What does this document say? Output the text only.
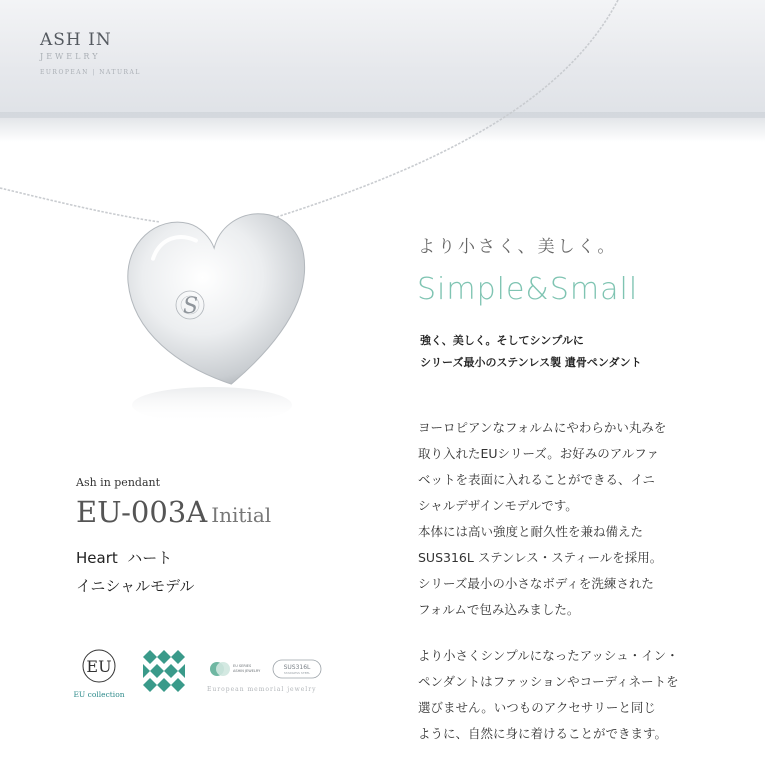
ASH IN
JEWELRY
EUROPEAN | NATURAL
S
より小さく、美しく。
Simple&Small

強く、美しく。そしてシンプルに

シリーズ最小のステンレス製 遺骨ペンダント

ヨーロピアンなフォルムにやわらかい丸みを

取り入れたEUシリーズ。お好みのアルファ

ベットを表面に入れることができる、イニ

シャルデザインモデルです。

本体には高い強度と耐久性を兼ね備えた

SUS316L ステンレス・スティールを採用。

シリーズ最小の小さなボディを洗練された

フォルムで包み込みました。

より小さくシンプルになったアッシュ・イン・

ペンダントはファッションやコーディネートを

選びません。いつものアクセサリーと同じ

ように、自然に身に着けることができます。

Ash in pendant
EU-003A Initial
Heart  ハート
イニシャルモデル
EU
EU collection
EU SERIES
ASHIN JEWELRY	SUS316L
STAINLESS STEEL
European memorial jewelry
